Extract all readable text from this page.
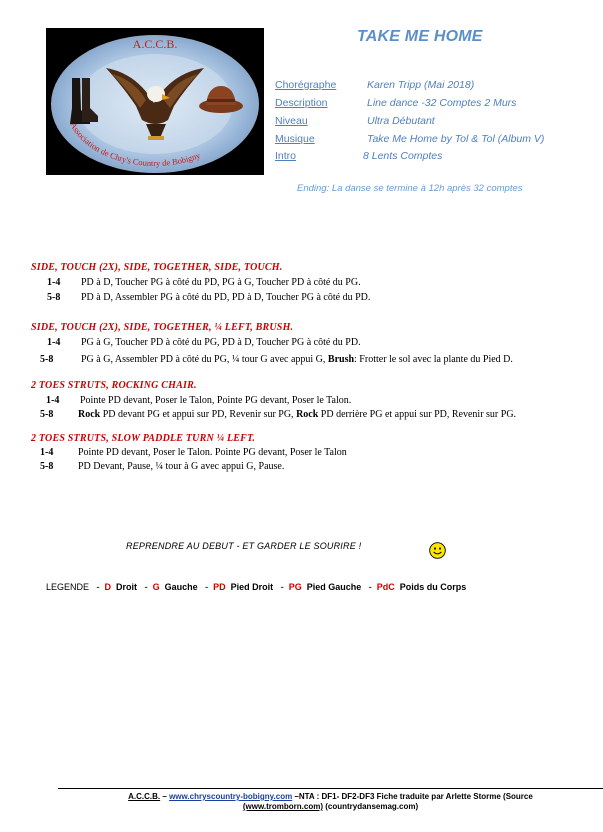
A.C.C.B.
Association de Chry's Country de Bobigny
TAKE ME HOME
Chorégraphe	Karen Tripp (Mai 2018)
Description	Line dance -32 Comptes 2 Murs
Niveau	Ultra Débutant
Musique	Take Me Home by Tol & Tol (Album V)
Intro	8 Lents Comptes
Ending: La danse se termine à 12h après 32 comptes
SIDE, TOUCH (2X), SIDE, TOGETHER, SIDE, TOUCH.
1-4 PD à D, Toucher PG à côté du PD, PG à G, Toucher PD à côté du PG.
5-8 PD à D, Assembler PG à côté du PD, PD à D, Toucher PG à côté du PD.
SIDE, TOUCH (2X), SIDE, TOGETHER, ¼ LEFT, BRUSH.
1-4 PG à G, Toucher PD à côté du PG, PD à D, Toucher PG à côté du PD.
5-8	PG à G, Assembler PD à côté du PG, ¼ tour G avec appui G, Brush: Frotter le sol avec la plante du Pied D.
2 TOES STRUTS, ROCKING CHAIR.
1-4 Pointe PD devant, Poser le Talon, Pointe PG devant, Poser le Talon.
5-8 Rock PD devant PG et appui sur PD, Revenir sur PG, Rock PD derrière PG et appui sur PD, Revenir sur PG.
2 TOES STRUTS, SLOW PADDLE TURN ¼ LEFT.
1-4 Pointe PD devant, Poser le Talon. Pointe PG devant, Poser le Talon
5-8 PD Devant, Pause, ¼ tour à G avec appui G, Pause.
REPRENDRE AU DEBUT - ET GARDER LE SOURIRE !
LEGENDE   -  D Droit   -  G Gauche   -  PD Pied Droit   -  PG Pied Gauche   -  PdC Poids du Corps
A.C.C.B. – www.chryscountry-bobigny.com –NTA : DF1- DF2-DF3 Fiche traduite par Arlette Storme (Source
(www.tromborn.com) (countrydansemag.com)
